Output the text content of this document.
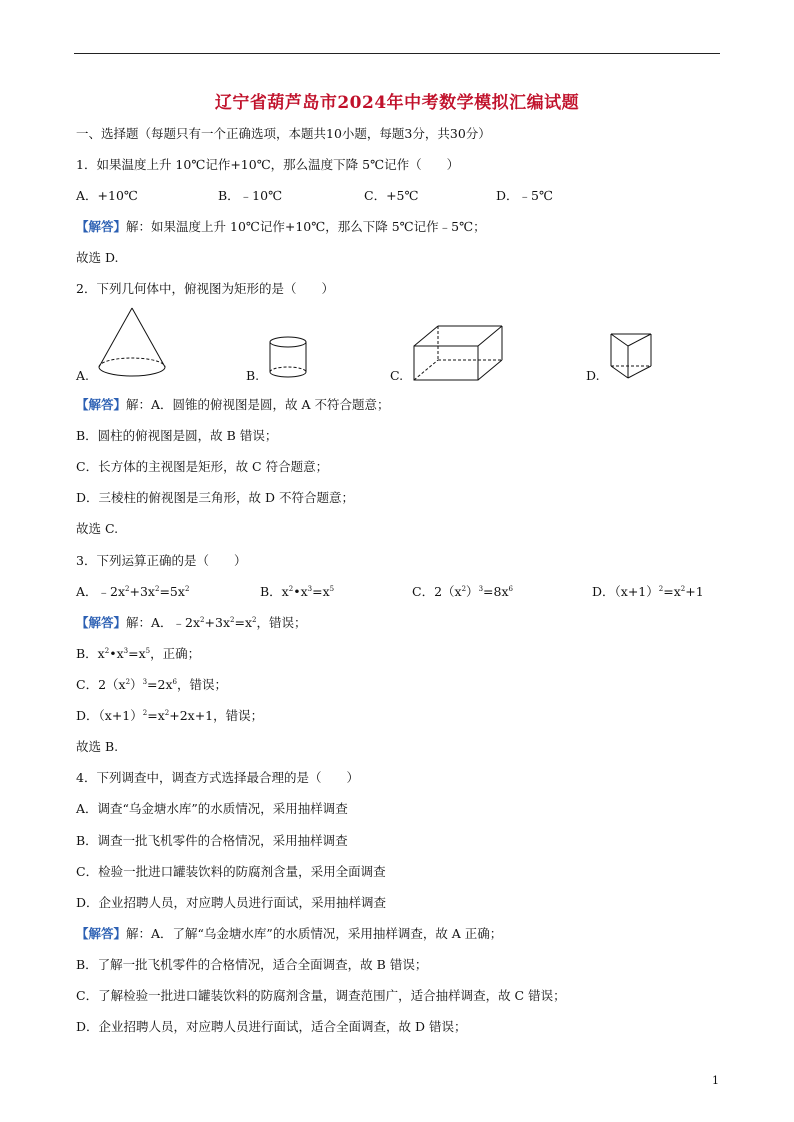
辽宁省葫芦岛市2024年中考数学模拟汇编试题
一、选择题（每题只有一个正确选项，本题共10小题，每题3分，共30分）
1．如果温度上升 10℃记作+10℃，那么温度下降 5℃记作（　　）
A．+10℃	B．﹣10℃	C．+5℃	D．﹣5℃
【解答】解：如果温度上升 10℃记作+10℃，那么下降 5℃记作﹣5℃；
故选 D.
2．下列几何体中，俯视图为矩形的是（　　）
A.	B.	C.	D.
【解答】解：A．圆锥的俯视图是圆，故 A 不符合题意；
B．圆柱的俯视图是圆，故 B 错误；
C．长方体的主视图是矩形，故 C 符合题意；
D．三棱柱的俯视图是三角形，故 D 不符合题意；
故选 C.
3．下列运算正确的是（　　）
A．$﹣2x^2+3x^2=5x^2$	B．$x^2•x^3=x^5$	C．$2(x^2)^3=8x^6$	D．$(x+1)^2=x^2+1$
【解答】解：A．$﹣2x^2+3x^2=x^2$，错误；
B．$x^2•x^3=x^5$，正确；
C．$2(x^2)^3=2x^6$，错误；
D．$(x+1)^2=x^2+2x+1$，错误；
故选 B.
4．下列调查中，调查方式选择最合理的是（　　）
A．调查“乌金塘水库”的水质情况，采用抽样调查
B．调查一批飞机零件的合格情况，采用抽样调查
C．检验一批进口罐装饮料的防腐剂含量，采用全面调查
D．企业招聘人员，对应聘人员进行面试，采用抽样调查
【解答】解：A．了解“乌金塘水库”的水质情况，采用抽样调查，故 A 正确；
B．了解一批飞机零件的合格情况，适合全面调查，故 B 错误；
C．了解检验一批进口罐装饮料的防腐剂含量，调查范围广，适合抽样调查，故 C 错误；
D．企业招聘人员，对应聘人员进行面试，适合全面调查，故 D 错误；
1
